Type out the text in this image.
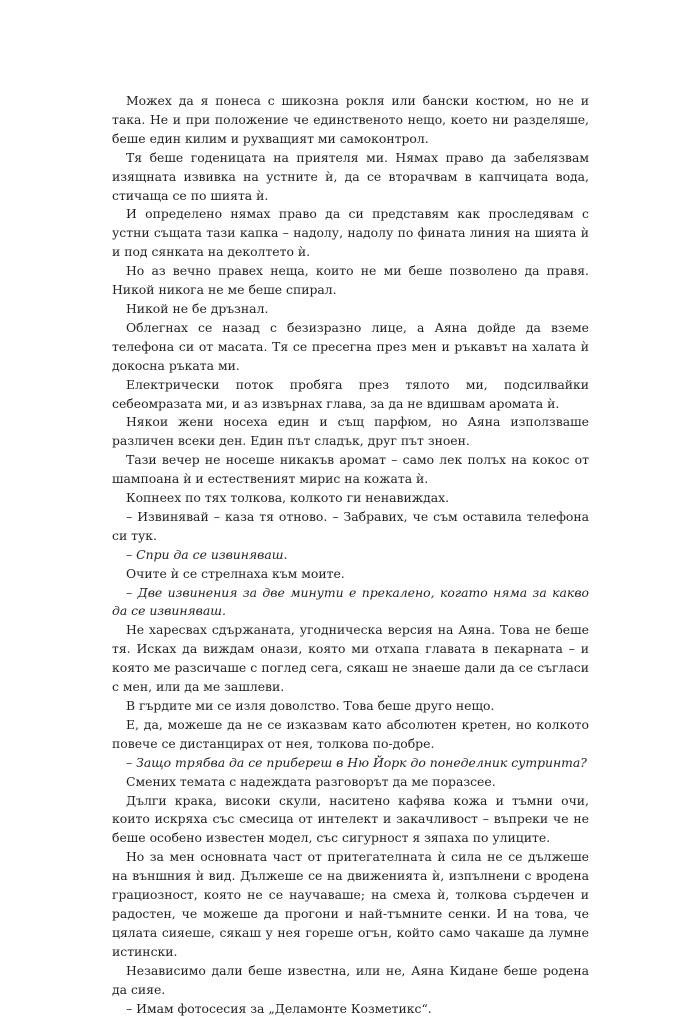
Можех да я понеса с шикозна рокля или бански костюм, но не и така. Не и при положение че единственото нещо, което ни разделяше, беше един килим и рухващият ми самоконтрол.

Тя беше годеницата на приятеля ми. Нямах право да забелязвам изящната извивка на устните ѝ, да се вторачвам в капчицата вода, стичаща се по шията ѝ.

И определено нямах право да си представям как проследявам с устни същата тази капка – надолу, надолу по фината линия на шията ѝ и под сянката на деколтето ѝ.

Но аз вечно правех неща, които не ми беше позволено да правя. Никой никога не ме беше спирал.

Никой не бе дръзнал.

Облегнах се назад с безизразно лице, а Аяна дойде да вземе телефона си от масата. Тя се пресегна през мен и ръкавът на халата ѝ докосна ръката ми.

Електрически поток пробяга през тялото ми, подсилвайки себеомразата ми, и аз извърнах глава, за да не вдишвам аромата ѝ.

Някои жени носеха един и същ парфюм, но Аяна използваше различен всеки ден. Един път сладък, друг път зноен.

Тази вечер не носеше никакъв аромат – само лек полъх на кокос от шампоана ѝ и естественият мирис на кожата ѝ.

Копнеех по тях толкова, колкото ги ненавиждах.

– Извинявай – каза тя отново. – Забравих, че съм оставила телефона си тук.

– Спри да се извиняваш.

Очите ѝ се стрелнаха към моите.

– Две извинения за две минути е прекалено, когато няма за какво да се извиняваш.

Не харесвах сдържаната, угодническа версия на Аяна. Това не беше тя. Исках да виждам онази, която ми отхапа главата в пекарната – и която ме разсичаше с поглед сега, сякаш не знаеше дали да се съгласи с мен, или да ме зашлеви.

В гърдите ми се изля доволство. Това беше друго нещо.

Е, да, можеше да не се изказвам като абсолютен кретен, но колкото повече се дистанцирах от нея, толкова по-добре.

– Защо трябва да се прибереш в Ню Йорк до понеделник сутринта?

Смених темата с надеждата разговорът да ме поразсее.

Дълги крака, високи скули, наситено кафява кожа и тъмни очи, които искряха със смесица от интелект и закачливост – въпреки че не беше особено известен модел, със сигурност я зяпаха по улиците.

Но за мен основната част от притегателната ѝ сила не се дължеше на външния ѝ вид. Дължеше се на движенията ѝ, изпълнени с вродена грациозност, която не се научаваше; на смеха ѝ, толкова сърдечен и радостен, че можеше да прогони и най-тъмните сенки. И на това, че цялата сияеше, сякаш у нея гореше огън, който само чакаше да лумне истински.

Независимо дали беше известна, или не, Аяна Кидане беше родена да сияе.

– Имам фотосесия за „Деламонте Козметикс“.
